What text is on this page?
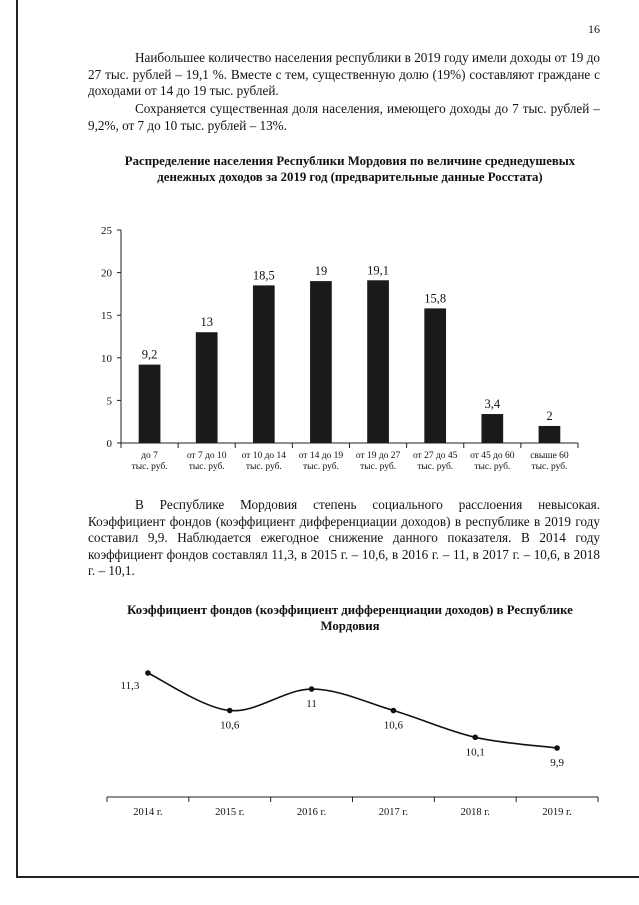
16

Наибольшее количество населения республики в 2019 году имели доходы от 19 до 27 тыс. рублей – 19,1 %. Вместе с тем, существенную долю (19%) составляют граждане с доходами от 14 до 19 тыс. рублей.

Сохраняется существенная доля населения, имеющего доходы до 7 тыс. рублей – 9,2%, от 7 до 10 тыс. рублей – 13%.

Распределение населения Республики Мордовия по величине среднедушевых денежных доходов за 2019 год (предварительные данные Росстата)

0
5
10
15
20
25
9,2
до 7
тыс. руб.
13
от 7 до 10
тыс. руб.
18,5
от 10 до 14
тыс. руб.
19
от 14 до 19
тыс. руб.
19,1
от 19 до 27
тыс. руб.
15,8
от 27 до 45
тыс. руб.
3,4
от 45 до 60
тыс. руб.
2
свыше 60
тыс. руб.

В Республике Мордовия степень социального расслоения невысокая. Коэффициент фондов (коэффициент дифференциации доходов) в республике в 2019 году составил 9,9. Наблюдается ежегодное снижение данного показателя. В 2014 году коэффициент фондов составлял 11,3, в 2015 г. – 10,6, в 2016 г. – 11, в 2017 г. – 10,6, в 2018 г. – 10,1.

Коэффициент фондов (коэффициент дифференциации доходов) в Республике Мордовия

2014 г.	2015 г.	2016 г.	2017 г.	2018 г.	2019 г.
11,3
10,6
11
10,6
10,1
9,9
